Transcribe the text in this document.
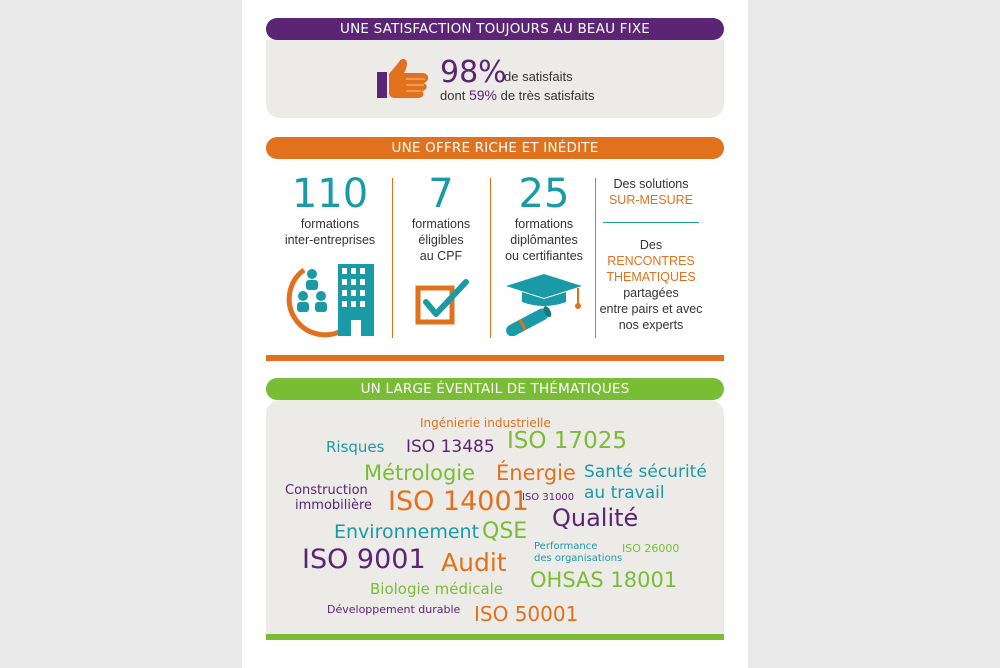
UNE SATISFACTION TOUJOURS AU BEAU FIXE
98%
de satisfaits
dont 59% de très satisfaits
UNE OFFRE RICHE ET INÉDITE
110
formations
inter-entreprises
7
formations
éligibles
au CPF
25
formations
diplômantes
ou certifiantes
Des solutions
SUR-MESURE
Des
RENCONTRES
THEMATIQUES
partagées
entre pairs et avec
nos experts
UN LARGE ÉVENTAIL DE THÉMATIQUES
Ingénierie industrielle
Risques ISO 13485 ISO 17025
Métrologie Énergie Santé sécurité
au travail
Construction
immobilière ISO 14001
ISO 31000
Qualité
Environnement QSE
Performance
des organisations
ISO 26000
ISO 9001 Audit
OHSAS 18001
Biologie médicale
Développement durable ISO 50001
